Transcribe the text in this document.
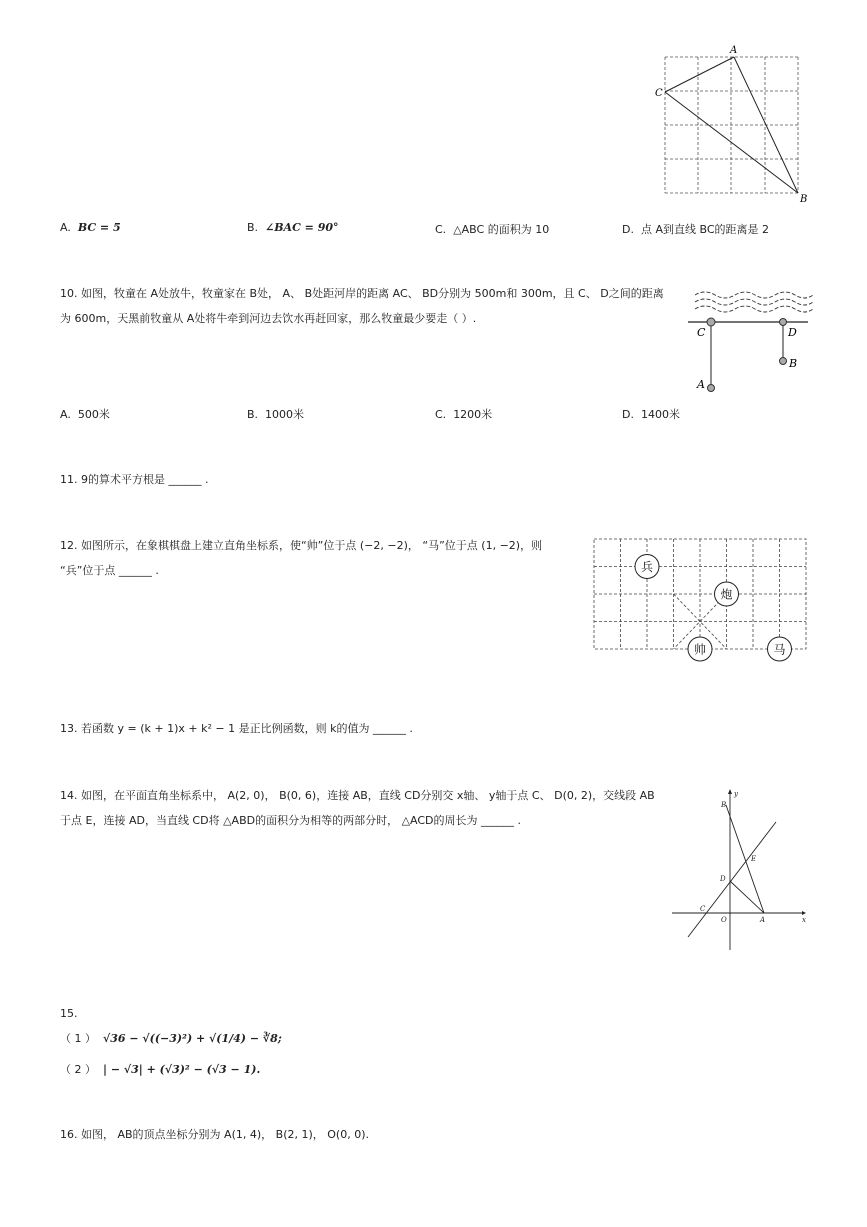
A
C
B
A. BC = 5	B. ∠BAC = 90°	C. △ABC 的面积为 10	D. 点 A到直线 BC的距离是 2
10. 如图，牧童在 A处放牛，牧童家在 B处， A、 B处距河岸的距离 AC、 BD分别为 500m和 300m，且 C、 D之间的距离
为 600m，天黑前牧童从 A处将牛牵到河边去饮水再赶回家，那么牧童最少要走（ ）.
C	D
B
A
A. 500米	B. 1000米	C. 1200米	D. 1400米
11. 9的算术平方根是 ______ .
12. 如图所示，在象棋棋盘上建立直角坐标系，使“帅”位于点 (−2, −2)， “马”位于点 (1, −2)，则
“兵”位于点 ______ .	兵
炮
帅	马
13. 若函数 y = (k + 1)x + k² − 1 是正比例函数，则 k的值为 ______ .
14. 如图，在平面直角坐标系中， A(2, 0)， B(0, 6)，连接 AB，直线 CD分别交 x轴、 y轴于点 C、 D(0, 2)，交线段 AB
于点 E，连接 AD，当直线 CD将 △ABD的面积分为相等的两部分时， △ACD的周长为 ______ .
B
y
E
D
C
O	A	x
15.
（ 1 ） √36 − √((−3)²) + √(1/4) − ∛8;
（ 2 ） | − √3| + (√3)² − (√3 − 1).
16. 如图， AB的顶点坐标分别为 A(1, 4)， B(2, 1)， O(0, 0).
